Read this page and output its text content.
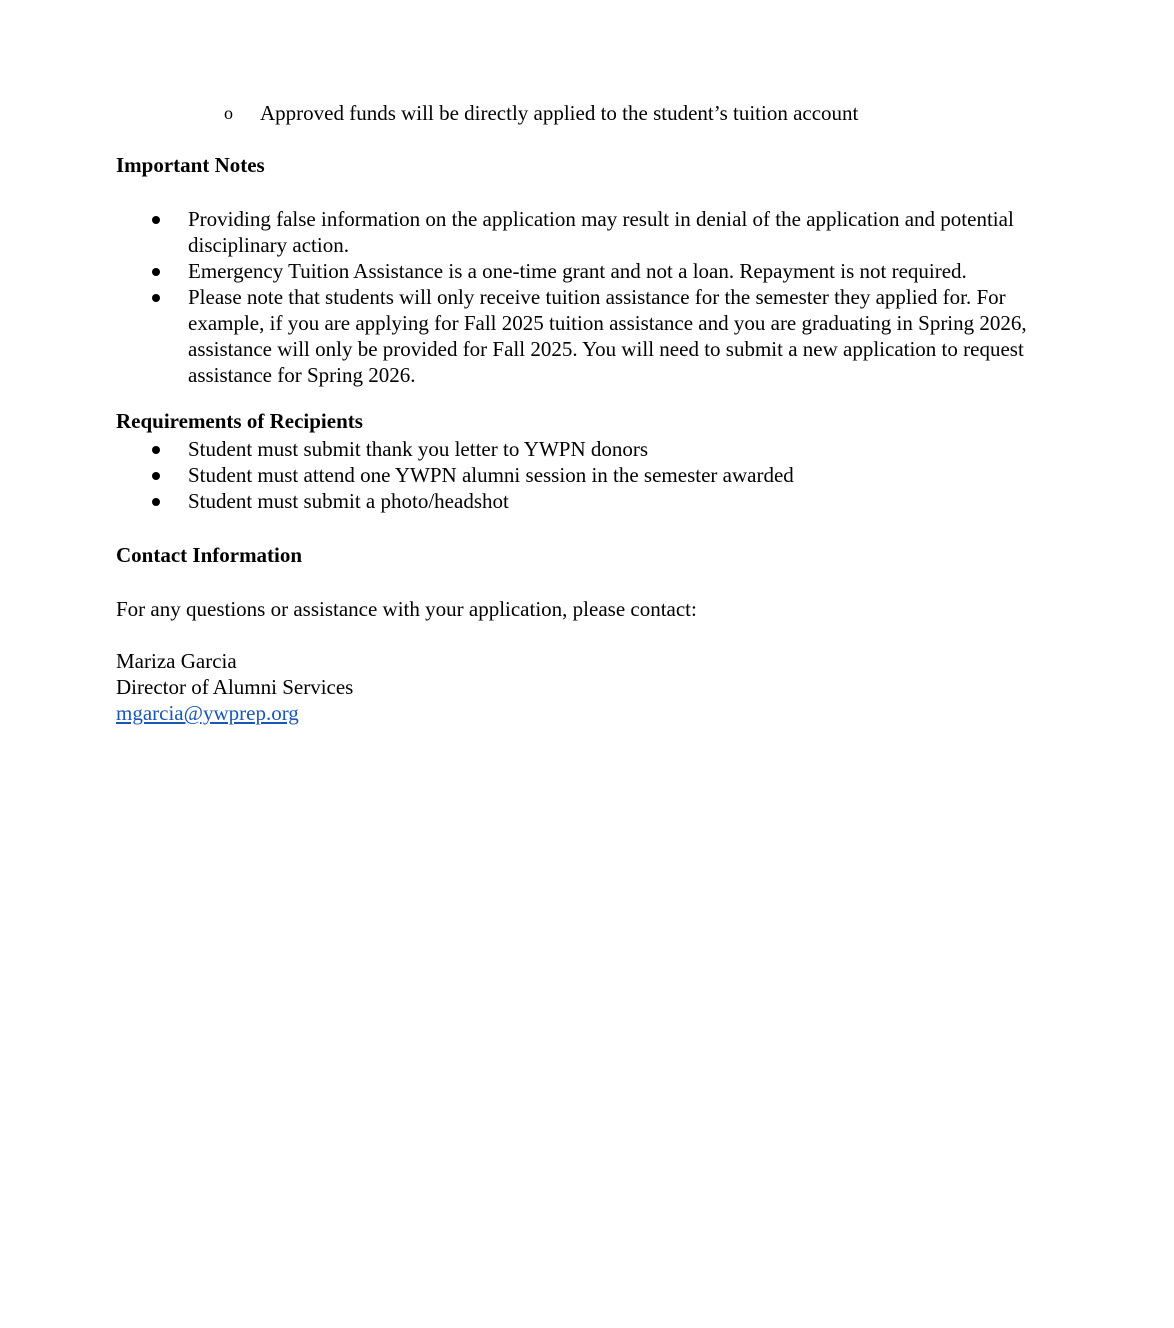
o Approved funds will be directly applied to the student’s tuition account
Important Notes
Providing false information on the application may result in denial of the application and potential disciplinary action.
Emergency Tuition Assistance is a one-time grant and not a loan. Repayment is not required.
Please note that students will only receive tuition assistance for the semester they applied for. For example, if you are applying for Fall 2025 tuition assistance and you are graduating in Spring 2026, assistance will only be provided for Fall 2025. You will need to submit a new application to request assistance for Spring 2026.
Requirements of Recipients
Student must submit thank you letter to YWPN donors
Student must attend one YWPN alumni session in the semester awarded
Student must submit a photo/headshot
Contact Information
For any questions or assistance with your application, please contact:
Mariza Garcia
Director of Alumni Services
mgarcia@ywprep.org
